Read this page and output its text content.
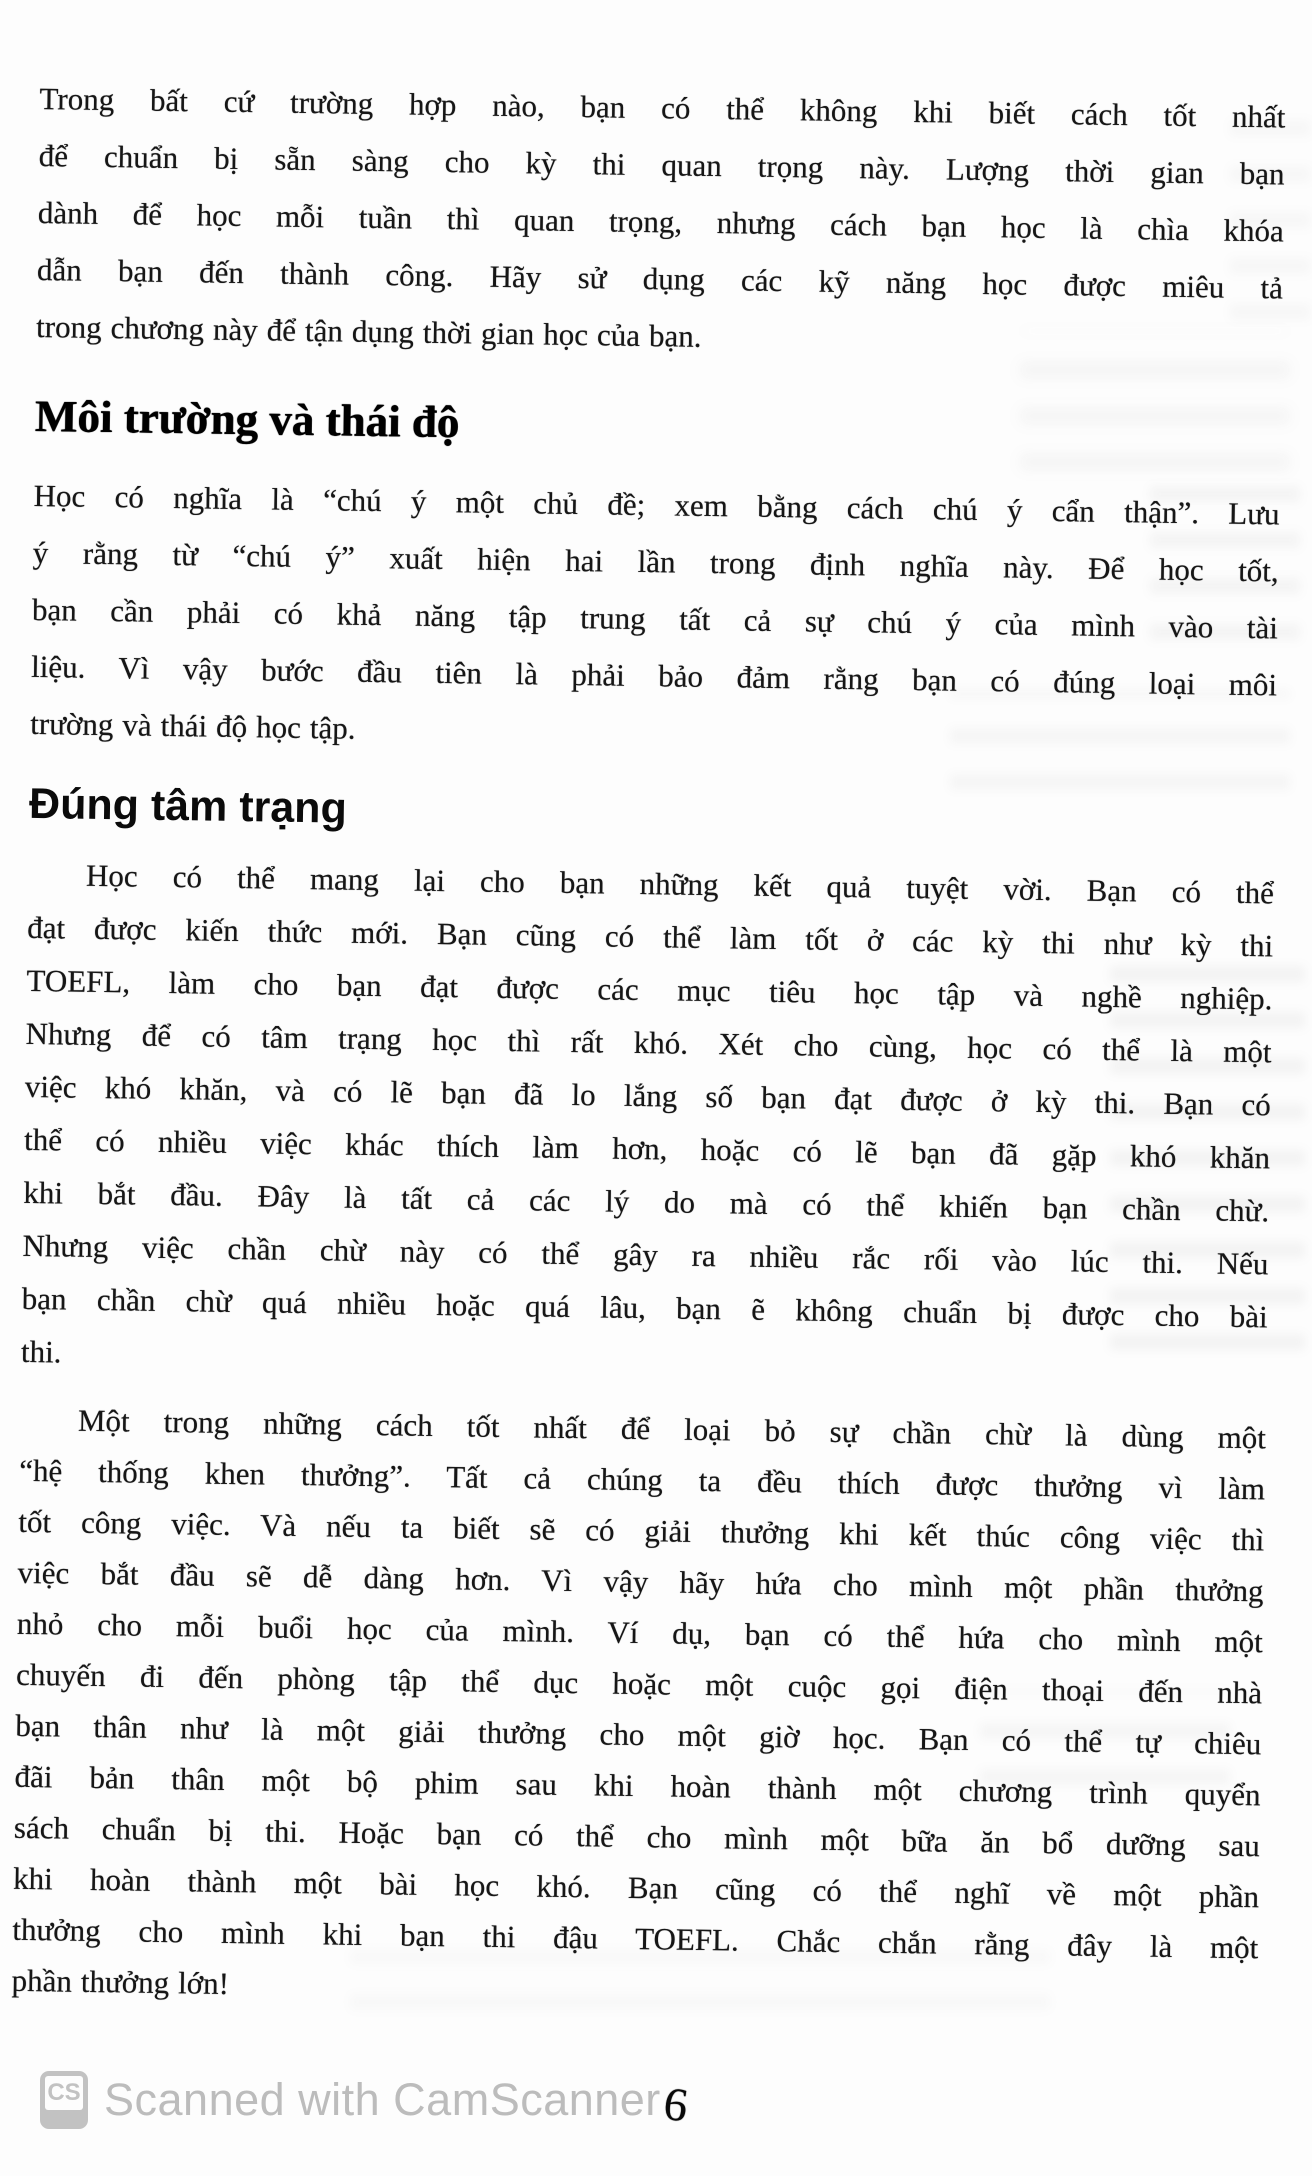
Trong bất cứ trường hợp nào, bạn có thể không khi biết cách tốt nhất
để chuẩn bị sẵn sàng cho kỳ thi quan trọng này. Lượng thời gian bạn
dành để học mỗi tuần thì quan trọng, nhưng cách bạn học là chìa khóa
dẫn bạn đến thành công. Hãy sử dụng các kỹ năng học được miêu tả
trong chương này để tận dụng thời gian học của bạn.
Môi trường và thái độ
Học có nghĩa là “chú ý một chủ đề; xem bằng cách chú ý cẩn thận”. Lưu
ý rằng từ “chú ý” xuất hiện hai lần trong định nghĩa này. Để học tốt,
bạn cần phải có khả năng tập trung tất cả sự chú ý của mình vào tài
liệu. Vì vậy bước đầu tiên là phải bảo đảm rằng bạn có đúng loại môi
trường và thái độ học tập.
Đúng tâm trạng
Học có thể mang lại cho bạn những kết quả tuyệt vời. Bạn có thể
đạt được kiến thức mới. Bạn cũng có thể làm tốt ở các kỳ thi như kỳ thi
TOEFL, làm cho bạn đạt được các mục tiêu học tập và nghề nghiệp.
Nhưng để có tâm trạng học thì rất khó. Xét cho cùng, học có thể là một
việc khó khăn, và có lẽ bạn đã lo lắng số bạn đạt được ở kỳ thi. Bạn có
thể có nhiều việc khác thích làm hơn, hoặc có lẽ bạn đã gặp khó khăn
khi bắt đầu. Đây là tất cả các lý do mà có thể khiến bạn chần chừ.
Nhưng việc chần chừ này có thể gây ra nhiều rắc rối vào lúc thi. Nếu
bạn chần chừ quá nhiều hoặc quá lâu, bạn ẽ không chuẩn bị được cho bài
thi.
Một trong những cách tốt nhất để loại bỏ sự chần chừ là dùng một
“hệ thống khen thưởng”. Tất cả chúng ta đều thích được thưởng vì làm
tốt công việc. Và nếu ta biết sẽ có giải thưởng khi kết thúc công việc thì
việc bắt đầu sẽ dễ dàng hơn. Vì vậy hãy hứa cho mình một phần thưởng
nhỏ cho mỗi buổi học của mình. Ví dụ, bạn có thể hứa cho mình một
chuyến đi đến phòng tập thể dục hoặc một cuộc gọi điện thoại đến nhà
bạn thân như là một giải thưởng cho một giờ học. Bạn có thể tự chiêu
đãi bản thân một bộ phim sau khi hoàn thành một chương trình quyển
sách chuẩn bị thi. Hoặc bạn có thể cho mình một bữa ăn bổ dưỡng sau
khi hoàn thành một bài học khó. Bạn cũng có thể nghĩ về một phần
thưởng cho mình khi bạn thi đậu TOEFL. Chắc chắn rằng đây là một
phần thưởng lớn!
6
CS Scanned with CamScanner
